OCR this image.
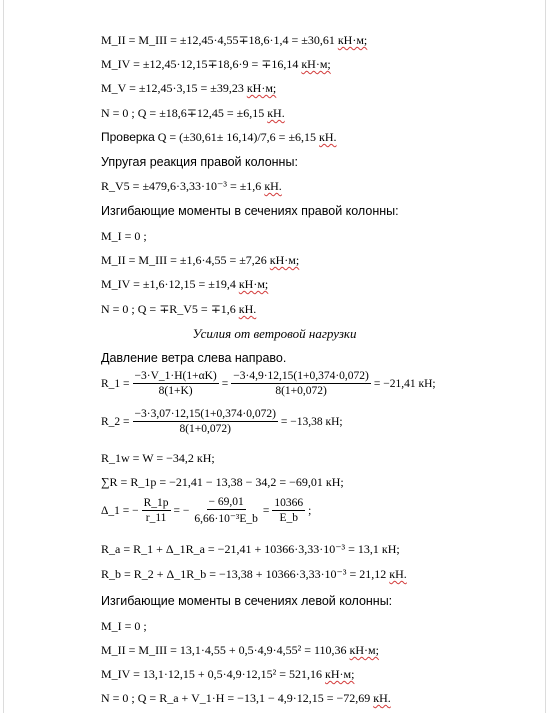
M_II = M_III = ±12,45·4,55∓18,6·1,4 = ±30,61 кН·м;
M_IV = ±12,45·12,15∓18,6·9 = ∓16,14 кН·м;
M_V = ±12,45·3,15 = ±39,23 кН·м;
N = 0 ; Q = ±18,6∓12,45 = ±6,15 кН.
Проверка Q = (±30,61± 16,14)/7,6 = ±6,15 кН.
Упругая реакция правой колонны:
R_V5 = ±479,6·3,33·10⁻³ = ±1,6 кН.
Изгибающие моменты в сечениях правой колонны:
M_I = 0 ;
M_II = M_III = ±1,6·4,55 = ±7,26 кН·м;
M_IV = ±1,6·12,15 = ±19,4 кН·м;
N = 0 ; Q = ∓R_V5 = ∓1,6 кН.
Усилия от ветровой нагрузки
Давление ветра слева направо.
R_1 = $\frac{-3\cdot V\_1\cdot H(1+\alpha K)}{8(1+K)} = \frac{-3\cdot 4,9\cdot 12,15(1+0,374\cdot 0,072)}{8(1+0,072)} = -21,41$ кН;
R_2 = $\frac{-3\cdot 3,07\cdot 12,15(1+0,374\cdot 0,072)}{8(1+0,072)} = -13,38$ кН;
R_1w = W = −34,2 кН;
∑R = R_1p = −21,41 − 13,38 − 34,2 = −69,01 кН;
Δ_1 = − $\frac{R\_1p}{r\_11}$ = − $\frac{- 69,01}{\text{6,66·10⁻³E\_b}} = \frac{10366}{E\_b}$ ;
R_a = R_1 + Δ_1R_a = −21,41 + 10366·3,33·10⁻³ = 13,1 кН;
R_b = R_2 + Δ_1R_b = −13,38 + 10366·3,33·10⁻³ = 21,12 кН.
Изгибающие моменты в сечениях левой колонны:
M_I = 0 ;
M_II = M_III = 13,1·4,55 + 0,5·4,9·4,55² = 110,36 кН·м;
M_IV = 13,1·12,15 + 0,5·4,9·12,15² = 521,16 кН·м;
N = 0 ; Q = R_a + V_1·H = −13,1 − 4,9·12,15 = −72,69 кН.
